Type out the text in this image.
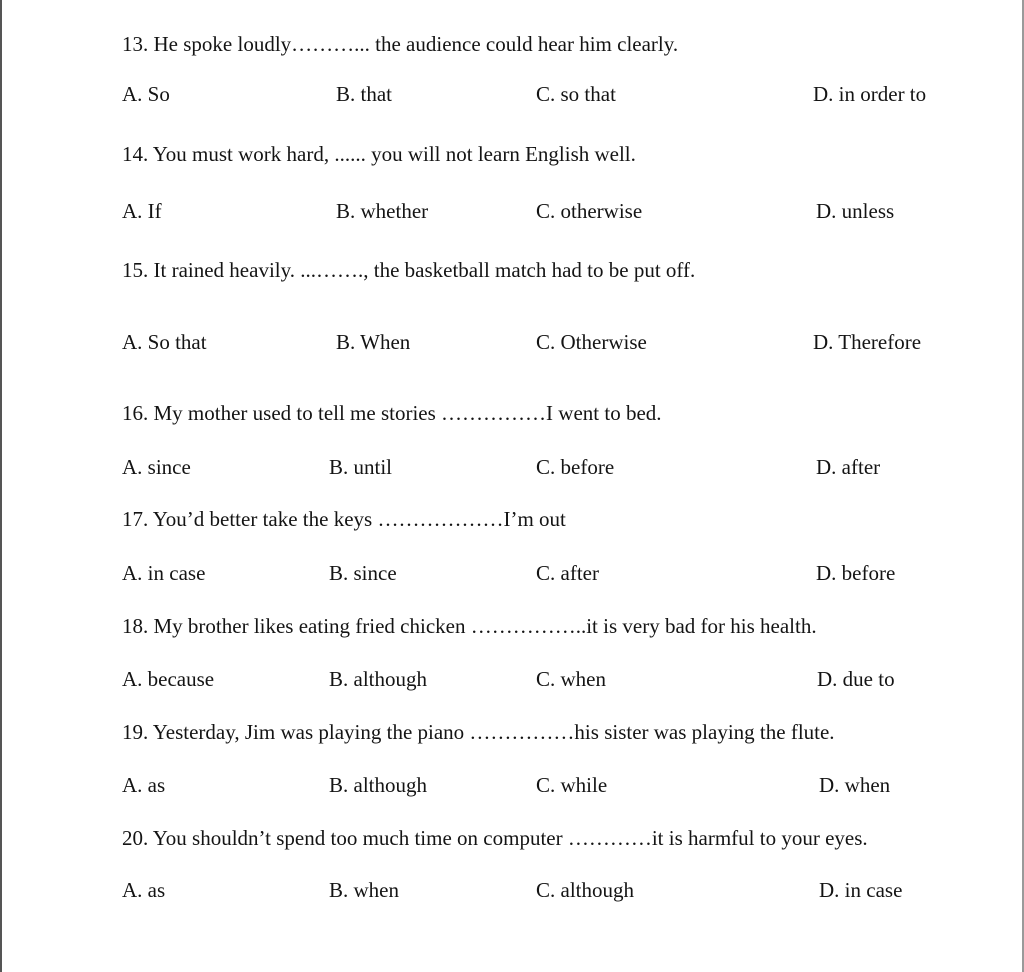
13. He spoke loudly………... the audience could hear him clearly.
A. So	B. that	C. so that	D. in order to
14. You must work hard, ...... you will not learn English well.
A. If	B. whether	C. otherwise	D. unless
15. It rained heavily. ...……., the basketball match had to be put off.
A. So that	B. When	C. Otherwise	D. Therefore
16. My mother used to tell me stories ……………I went to bed.
A. since	B. until	C. before	D. after
17. You’d better take the keys ………………I’m out
A. in case	B. since	C. after	D. before
18. My brother likes eating fried chicken ……………..it is very bad for his health.
A. because	B. although	C. when	D. due to
19. Yesterday, Jim was playing the piano ……………his sister was playing the flute.
A. as	B. although	C. while	D. when
20. You shouldn’t spend too much time on computer …………it is harmful to your eyes.
A. as	B. when	C. although	D. in case
